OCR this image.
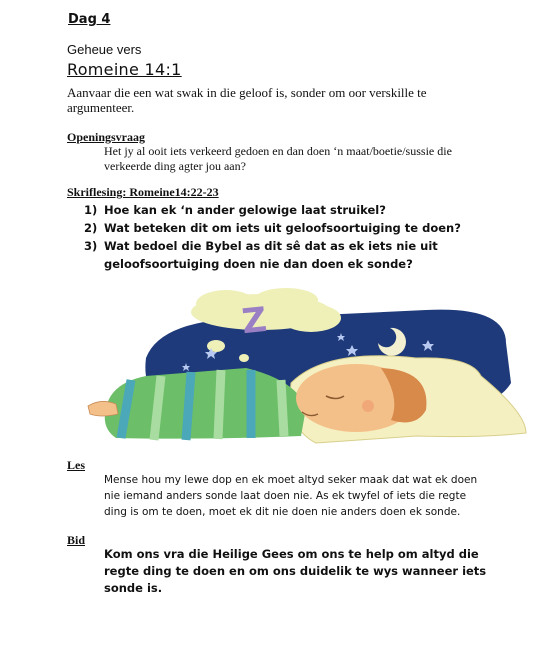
Dag 4
Geheue vers
Romeine 14:1
Aanvaar die een wat swak in die geloof is, sonder om oor verskille te argumenteer.
Openingsvraag
Het jy al ooit iets verkeerd gedoen en dan doen ‘n maat/boetie/sussie die verkeerde ding agter jou aan?
Skriflesing: Romeine14:22-23
1) Hoe kan ek ‘n ander gelowige laat struikel?
2) Wat beteken dit om iets uit geloofsoortuiging te doen?
3) Wat bedoel die Bybel as dit sê dat as ek iets nie uit geloofsoortuiging doen nie dan doen ek sonde?
Z
Les
Mense hou my lewe dop en ek moet altyd seker maak dat wat ek doen nie iemand anders sonde laat doen nie. As ek twyfel of iets die regte ding is om te doen, moet ek dit nie doen nie anders doen ek sonde.
Bid
Kom ons vra die Heilige Gees om ons te help om altyd die regte ding te doen en om ons duidelik te wys wanneer iets sonde is.
